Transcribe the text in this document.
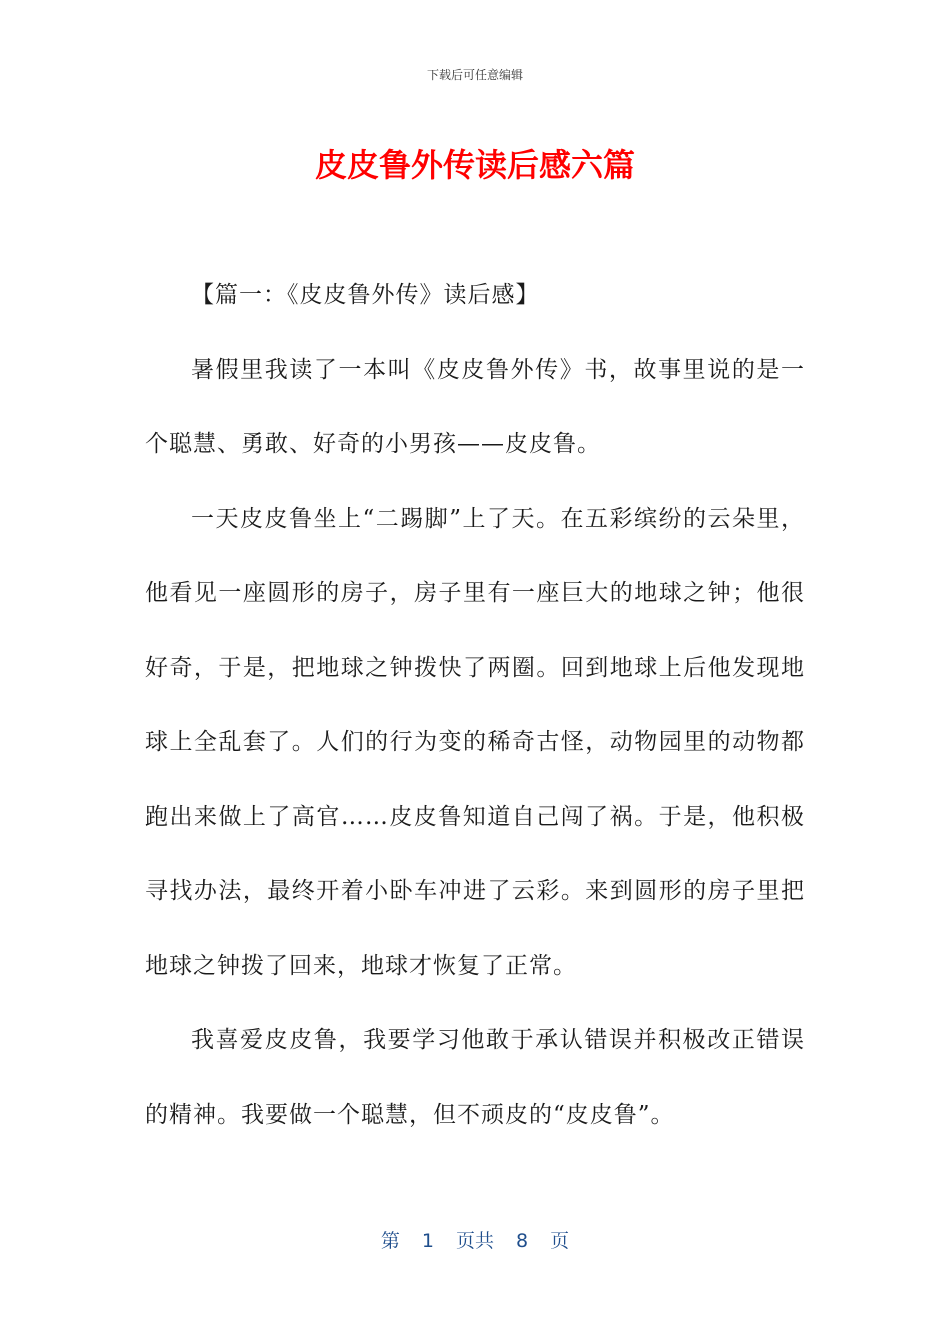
下载后可任意编辑
皮皮鲁外传读后感六篇

【篇一：《皮皮鲁外传》读后感】

暑假里我读了一本叫《皮皮鲁外传》书，故事里说的是一个聪慧、勇敢、好奇的小男孩——皮皮鲁。

一天皮皮鲁坐上“二踢脚”上了天。在五彩缤纷的云朵里，他看见一座圆形的房子，房子里有一座巨大的地球之钟；他很好奇，于是，把地球之钟拨快了两圈。回到地球上后他发现地球上全乱套了。人们的行为变的稀奇古怪，动物园里的动物都跑出来做上了高官……皮皮鲁知道自己闯了祸。于是，他积极寻找办法，最终开着小卧车冲进了云彩。来到圆形的房子里把地球之钟拨了回来，地球才恢复了正常。

我喜爱皮皮鲁，我要学习他敢于承认错误并积极改正错误的精神。我要做一个聪慧，但不顽皮的“皮皮鲁”。

第 1 页共 8 页
